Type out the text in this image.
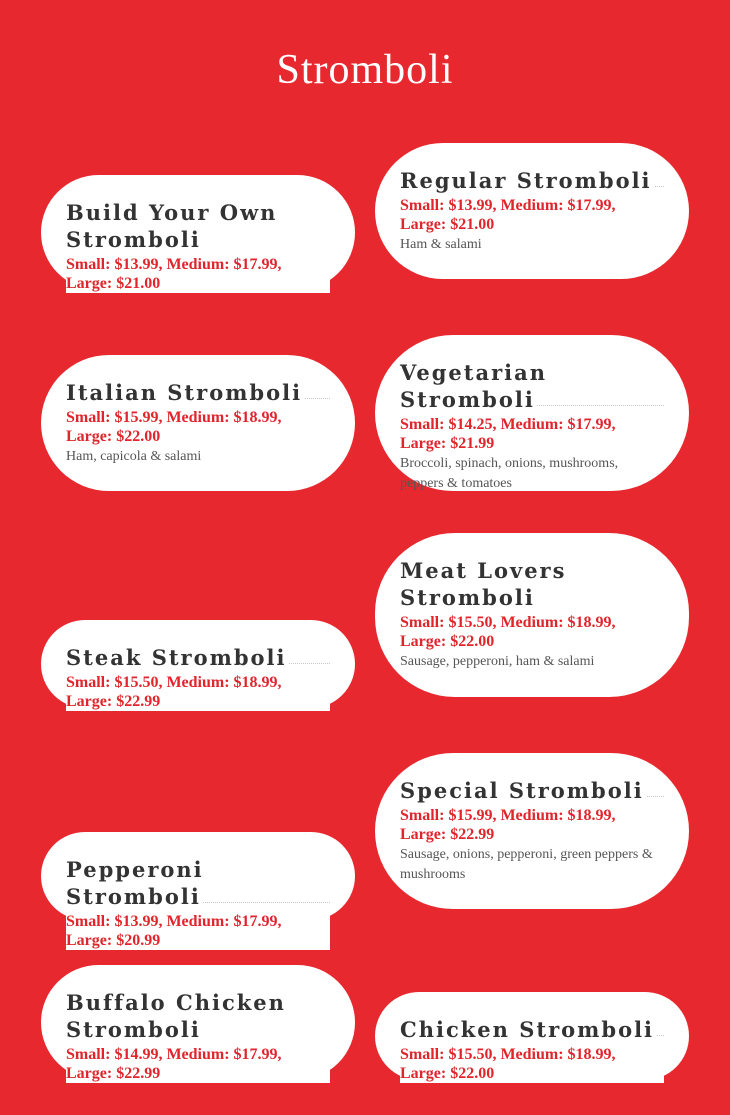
Stromboli
Build Your Own Stromboli
Small: $13.99, Medium: $17.99, Large: $21.00
Italian Stromboli
Small: $15.99, Medium: $18.99, Large: $22.00
Ham, capicola & salami
Steak Stromboli
Small: $15.50, Medium: $18.99, Large: $22.99
Pepperoni Stromboli
Small: $13.99, Medium: $17.99, Large: $20.99
Buffalo Chicken Stromboli
Small: $14.99, Medium: $17.99, Large: $22.99
Regular Stromboli
Small: $13.99, Medium: $17.99, Large: $21.00
Ham & salami
Vegetarian Stromboli
Small: $14.25, Medium: $17.99, Large: $21.99
Broccoli, spinach, onions, mushrooms, peppers & tomatoes
Meat Lovers Stromboli
Small: $15.50, Medium: $18.99, Large: $22.00
Sausage, pepperoni, ham & salami
Special Stromboli
Small: $15.99, Medium: $18.99, Large: $22.99
Sausage, onions, pepperoni, green peppers & mushrooms
Chicken Stromboli
Small: $15.50, Medium: $18.99, Large: $22.00
